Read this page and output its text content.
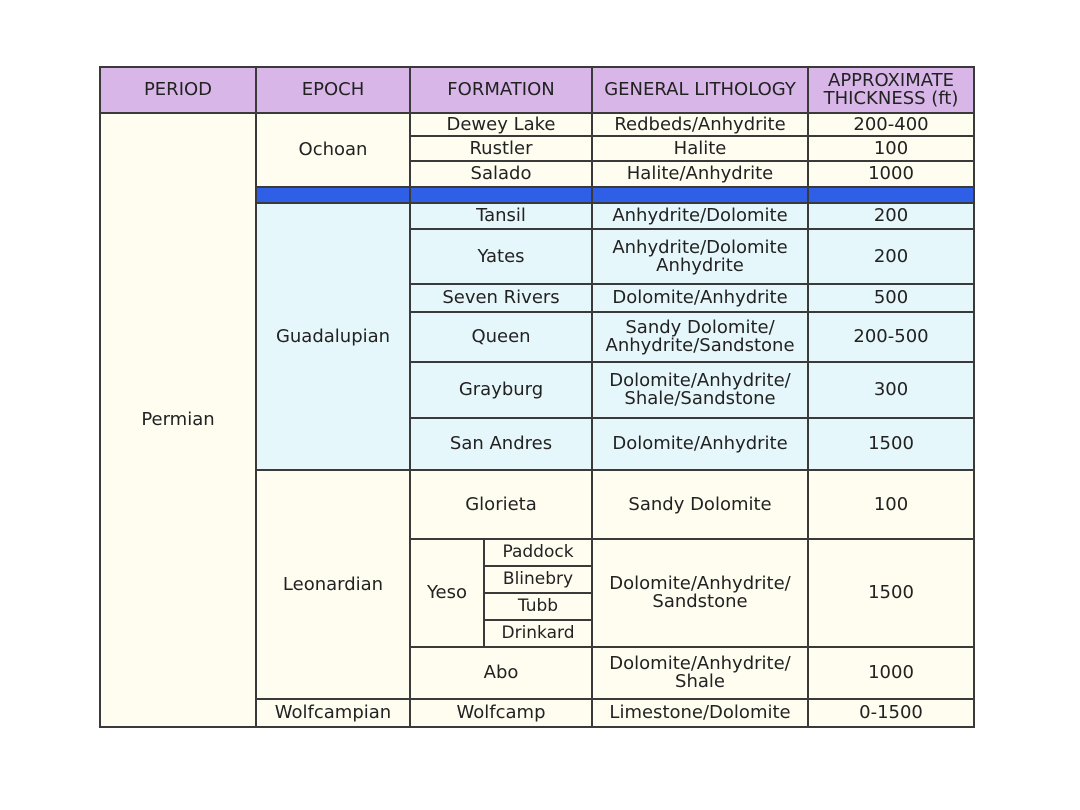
PERIOD	EPOCH	FORMATION		GENERAL LITHOLOGY	APPROXIMATE
THICKNESS (ft)

Permian	Ochoan	Dewey Lake		Redbeds/Anhydrite	200-400
		Rustler		Halite	100
		Salado		Halite/Anhydrite	1000

	Guadalupian	Tansil		Anhydrite/Dolomite	200
		Yates		Anhydrite/Dolomite
Anhydrite	200
		Seven Rivers		Dolomite/Anhydrite	500
		Queen		Sandy Dolomite/
Anhydrite/Sandstone	200-500
		Grayburg		Dolomite/Anhydrite/
Shale/Sandstone	300
		San Andres		Dolomite/Anhydrite	1500
	Leonardian	Glorieta		Sandy Dolomite	100
		Yeso	Paddock	Dolomite/Anhydrite/
Sandstone	1500
			Blinebry		
			Tubb		
			Drinkard		
		Abo		Dolomite/Anhydrite/
Shale	1000
	Wolfcampian	Wolfcamp		Limestone/Dolomite	0-1500
